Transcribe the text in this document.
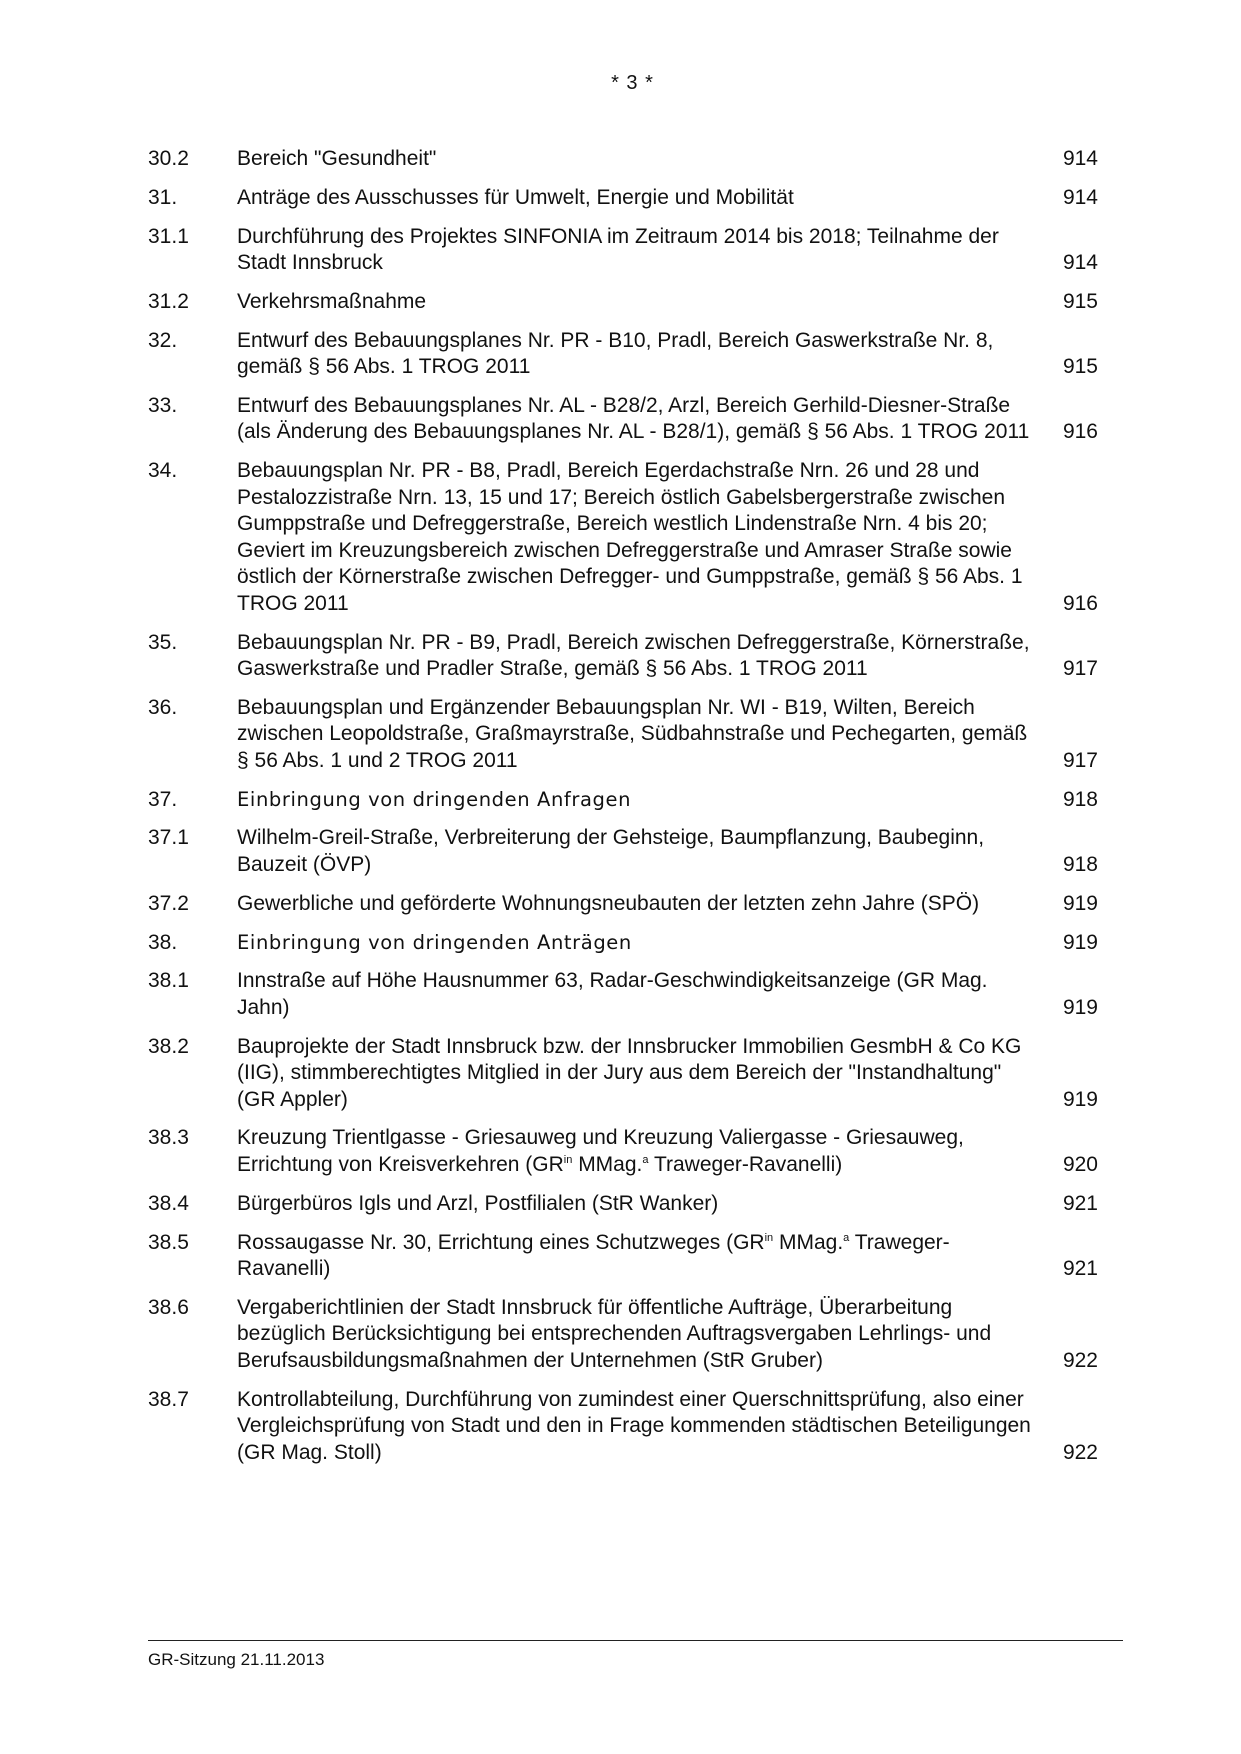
* 3 *
30.2	Bereich "Gesundheit"	914
31.	Anträge des Ausschusses für Umwelt, Energie und Mobilität	914
31.1	Durchführung des Projektes SINFONIA im Zeitraum 2014 bis 2018; Teilnahme der Stadt Innsbruck	914
31.2	Verkehrsmaßnahme	915
32.	Entwurf des Bebauungsplanes Nr. PR - B10, Pradl, Bereich Gaswerkstraße Nr. 8, gemäß § 56 Abs. 1 TROG 2011	915
33.	Entwurf des Bebauungsplanes Nr. AL - B28/2, Arzl, Bereich Gerhild-Diesner-Straße (als Änderung des Bebauungsplanes Nr. AL - B28/1), gemäß § 56 Abs. 1 TROG 2011	916
34.	Bebauungsplan Nr. PR - B8, Pradl, Bereich Egerdachstraße Nrn. 26 und 28 und Pestalozzistraße Nrn. 13, 15 und 17; Bereich östlich Gabelsbergerstraße zwischen Gumppstraße und Defreggerstraße, Bereich westlich Lindenstraße Nrn. 4 bis 20; Geviert im Kreuzungsbereich zwischen Defreggerstraße und Amraser Straße sowie östlich der Körnerstraße zwischen Defregger- und Gumppstraße, gemäß § 56 Abs. 1 TROG 2011	916
35.	Bebauungsplan Nr. PR - B9, Pradl, Bereich zwischen Defreggerstraße, Körnerstraße, Gaswerkstraße und Pradler Straße, gemäß § 56 Abs. 1 TROG 2011	917
36.	Bebauungsplan und Ergänzender Bebauungsplan Nr. WI - B19, Wilten, Bereich zwischen Leopoldstraße, Graßmayrstraße, Südbahnstraße und Pechegarten, gemäß § 56 Abs. 1 und 2 TROG 2011	917
37.	Einbringung von dringenden Anfragen	918
37.1	Wilhelm-Greil-Straße, Verbreiterung der Gehsteige, Baumpflanzung, Baubeginn, Bauzeit (ÖVP)	918
37.2	Gewerbliche und geförderte Wohnungsneubauten der letzten zehn Jahre (SPÖ)	919
38.	Einbringung von dringenden Anträgen	919
38.1	Innstraße auf Höhe Hausnummer 63, Radar-Geschwindigkeitsanzeige (GR Mag. Jahn)	919
38.2	Bauprojekte der Stadt Innsbruck bzw. der Innsbrucker Immobilien GesmbH & Co KG (IIG), stimmberechtigtes Mitglied in der Jury aus dem Bereich der "Instandhaltung" (GR Appler)	919
38.3	Kreuzung Trientlgasse - Griesauweg und Kreuzung Valiergasse - Griesauweg, Errichtung von Kreisverkehren ($GR^{in}$ MMag.$^a$ Traweger-Ravanelli)	920
38.4	Bürgerbüros Igls und Arzl, Postfilialen (StR Wanker)	921
38.5	Rossaugasse Nr. 30, Errichtung eines Schutzweges ($GR^{in}$ MMag.$^a$ Traweger-Ravanelli)	921
38.6	Vergaberichtlinien der Stadt Innsbruck für öffentliche Aufträge, Überarbeitung bezüglich Berücksichtigung bei entsprechenden Auftragsvergaben Lehrlings- und Berufsausbildungsmaßnahmen der Unternehmen (StR Gruber)	922
38.7	Kontrollabteilung, Durchführung von zumindest einer Querschnittsprüfung, also einer Vergleichsprüfung von Stadt und den in Frage kommenden städtischen Beteiligungen (GR Mag. Stoll)	922
GR-Sitzung 21.11.2013
